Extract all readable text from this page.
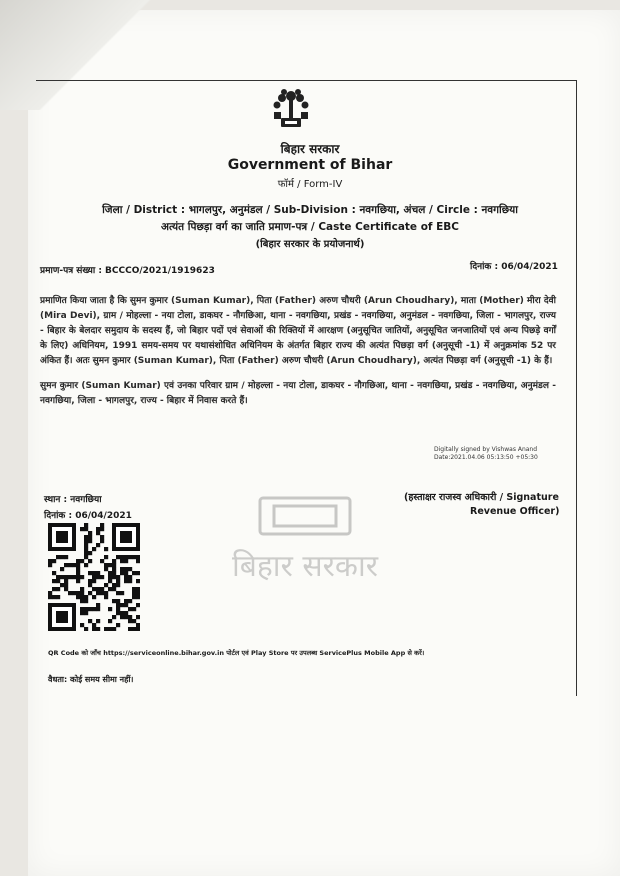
बिहार सरकार
Government of Bihar
फॉर्म / Form-IV
जिला / District : भागलपुर, अनुमंडल / Sub-Division : नवगछिया, अंचल / Circle : नवगछिया
अत्यंत पिछड़ा वर्ग का जाति प्रमाण-पत्र / Caste Certificate of EBC
(बिहार सरकार के प्रयोजनार्थ)
प्रमाण-पत्र संख्या : BCCCO/2021/1919623	दिनांक : 06/04/2021
प्रमाणित किया जाता है कि सुमन कुमार (Suman Kumar), पिता (Father) अरुण चौधरी (Arun Choudhary), माता (Mother) मीरा देवी (Mira Devi), ग्राम / मोहल्ला - नया टोला, डाकघर - नौगछिआ, थाना - नवगछिया, प्रखंड - नवगछिया, अनुमंडल - नवगछिया, जिला - भागलपुर, राज्य - बिहार के बेलदार समुदाय के सदस्य हैं, जो बिहार पदों एवं सेवाओं की रिक्तियों में आरक्षण (अनुसूचित जातियों, अनुसूचित जनजातियों एवं अन्य पिछड़े वर्गों के लिए) अधिनियम, 1991 समय-समय पर यथासंशोधित अधिनियम के अंतर्गत बिहार राज्य की अत्यंत पिछड़ा वर्ग (अनुसूची -1) में अनुक्रमांक 52 पर अंकित हैं। अतः सुमन कुमार (Suman Kumar), पिता (Father) अरुण चौधरी (Arun Choudhary), अत्यंत पिछड़ा वर्ग (अनुसूची -1) के हैं।
सुमन कुमार (Suman Kumar) एवं उनका परिवार ग्राम / मोहल्ला - नया टोला, डाकघर - नौगछिआ, थाना - नवगछिया, प्रखंड - नवगछिया, अनुमंडल - नवगछिया, जिला - भागलपुर, राज्य - बिहार में निवास करते हैं।
बिहार सरकार
Digitally signed by Vishwas Anand
Date:2021.04.06 05:13:50 +05:30
स्थान : नवगछिया
दिनांक : 06/04/2021
(हस्ताक्षर राजस्व अधिकारी / Signature
Revenue Officer)
QR Code को जाँच https://serviceonline.bihar.gov.in पोर्टल एवं Play Store पर उपलब्ध ServicePlus Mobile App से करें।
वैधता: कोई समय सीमा नहीं।
